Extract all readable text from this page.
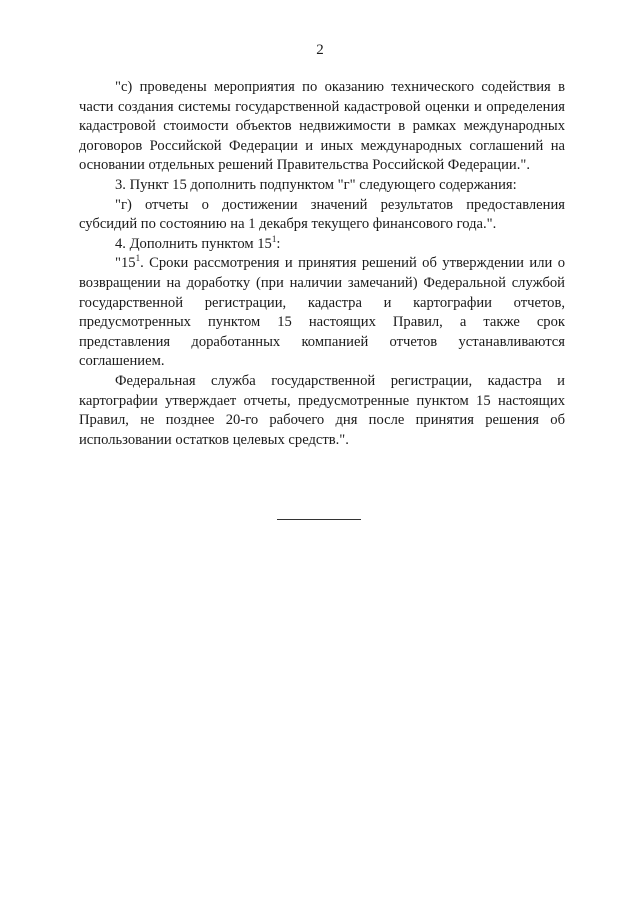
2

"с) проведены мероприятия по оказанию технического содействия в части создания системы государственной кадастровой оценки и определения кадастровой стоимости объектов недвижимости в рамках международных договоров Российской Федерации и иных международных соглашений на основании отдельных решений Правительства Российской Федерации.".

3. Пункт 15 дополнить подпунктом "г" следующего содержания:

"г) отчеты о достижении значений результатов предоставления субсидий по состоянию на 1 декабря текущего финансового года.".

4. Дополнить пунктом $15^1$:

"$15^1$. Сроки рассмотрения и принятия решений об утверждении или о возвращении на доработку (при наличии замечаний) Федеральной службой государственной регистрации, кадастра и картографии отчетов, предусмотренных пунктом 15 настоящих Правил, а также срок представления доработанных компанией отчетов устанавливаются соглашением.

Федеральная служба государственной регистрации, кадастра и картографии утверждает отчеты, предусмотренные пунктом 15 настоящих Правил, не позднее 20-го рабочего дня после принятия решения об использовании остатков целевых средств.".
